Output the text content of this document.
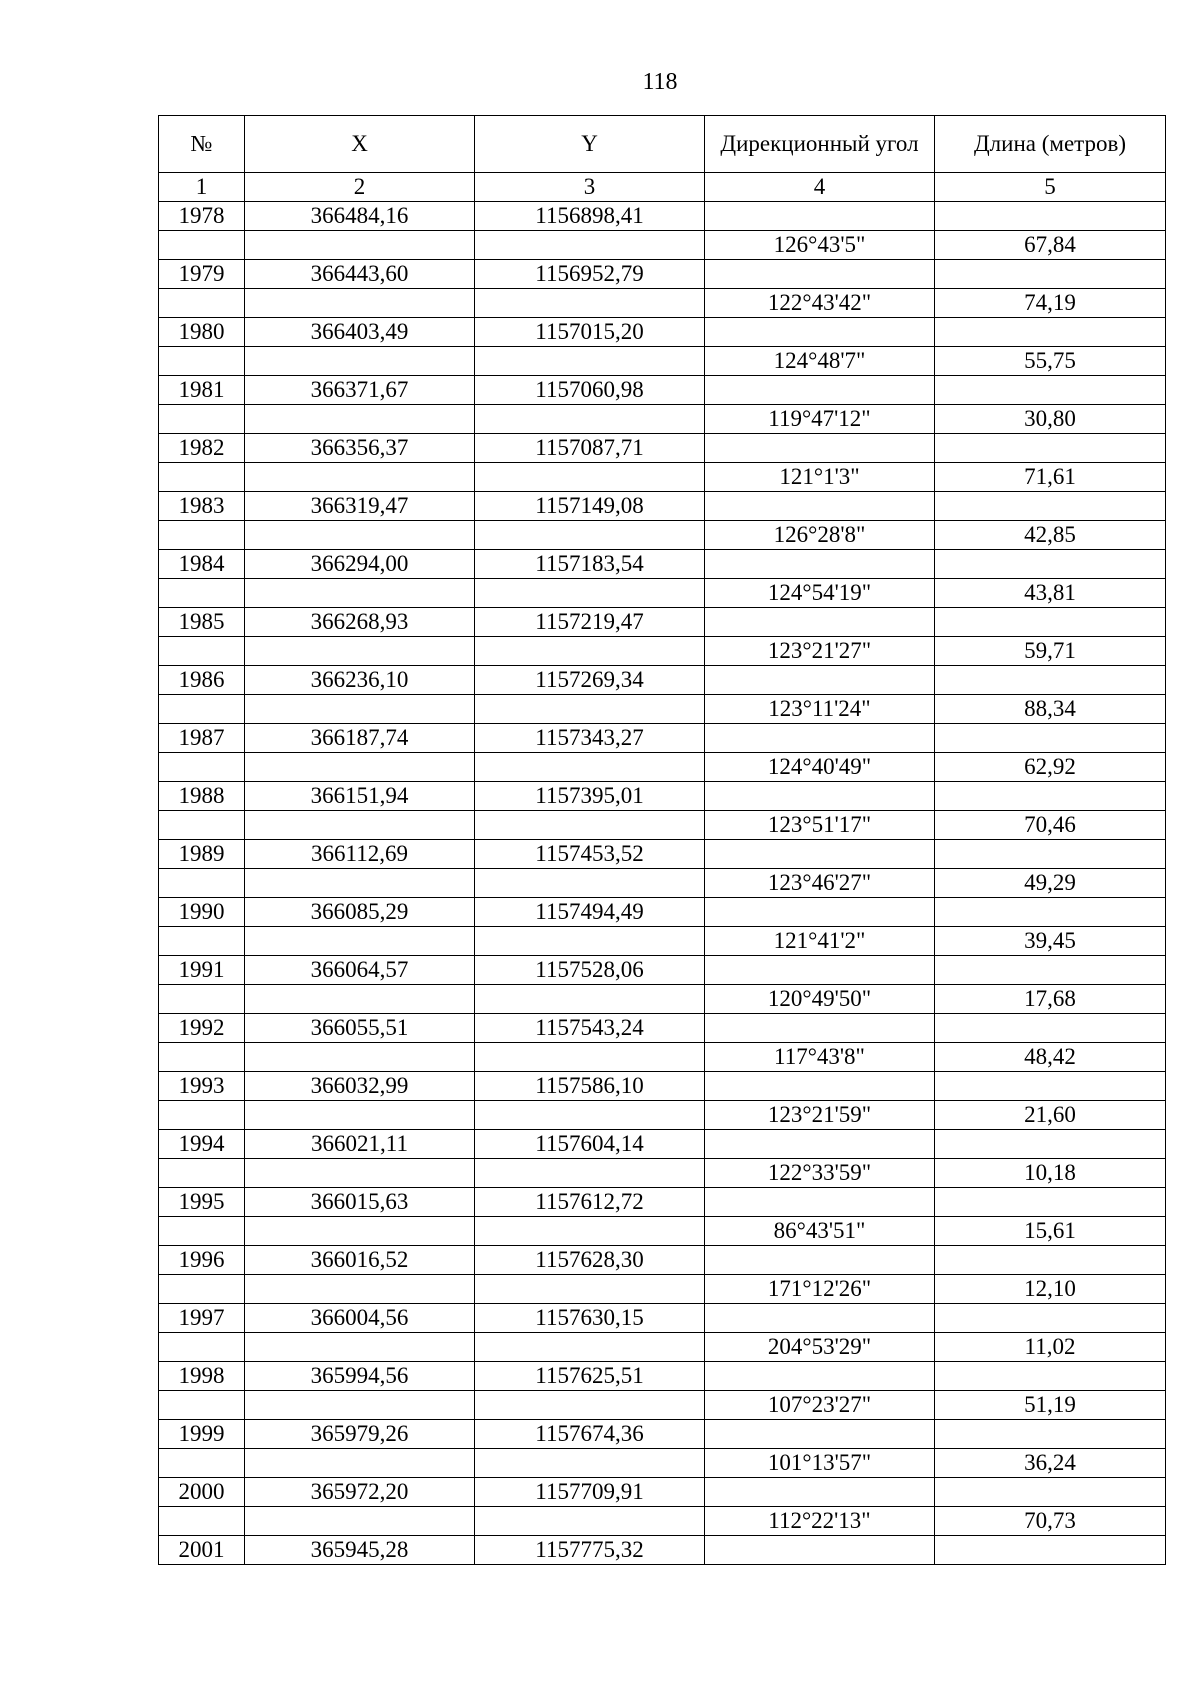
118
№	X	Y	Дирекционный угол	Длина (метров)
1	2	3	4	5
1978	366484,16	1156898,41		
			126°43'5"	67,84
1979	366443,60	1156952,79		
			122°43'42"	74,19
1980	366403,49	1157015,20		
			124°48'7"	55,75
1981	366371,67	1157060,98		
			119°47'12"	30,80
1982	366356,37	1157087,71		
			121°1'3"	71,61
1983	366319,47	1157149,08		
			126°28'8"	42,85
1984	366294,00	1157183,54		
			124°54'19"	43,81
1985	366268,93	1157219,47		
			123°21'27"	59,71
1986	366236,10	1157269,34		
			123°11'24"	88,34
1987	366187,74	1157343,27		
			124°40'49"	62,92
1988	366151,94	1157395,01		
			123°51'17"	70,46
1989	366112,69	1157453,52		
			123°46'27"	49,29
1990	366085,29	1157494,49		
			121°41'2"	39,45
1991	366064,57	1157528,06		
			120°49'50"	17,68
1992	366055,51	1157543,24		
			117°43'8"	48,42
1993	366032,99	1157586,10		
			123°21'59"	21,60
1994	366021,11	1157604,14		
			122°33'59"	10,18
1995	366015,63	1157612,72		
			86°43'51"	15,61
1996	366016,52	1157628,30		
			171°12'26"	12,10
1997	366004,56	1157630,15		
			204°53'29"	11,02
1998	365994,56	1157625,51		
			107°23'27"	51,19
1999	365979,26	1157674,36		
			101°13'57"	36,24
2000	365972,20	1157709,91		
			112°22'13"	70,73
2001	365945,28	1157775,32		
